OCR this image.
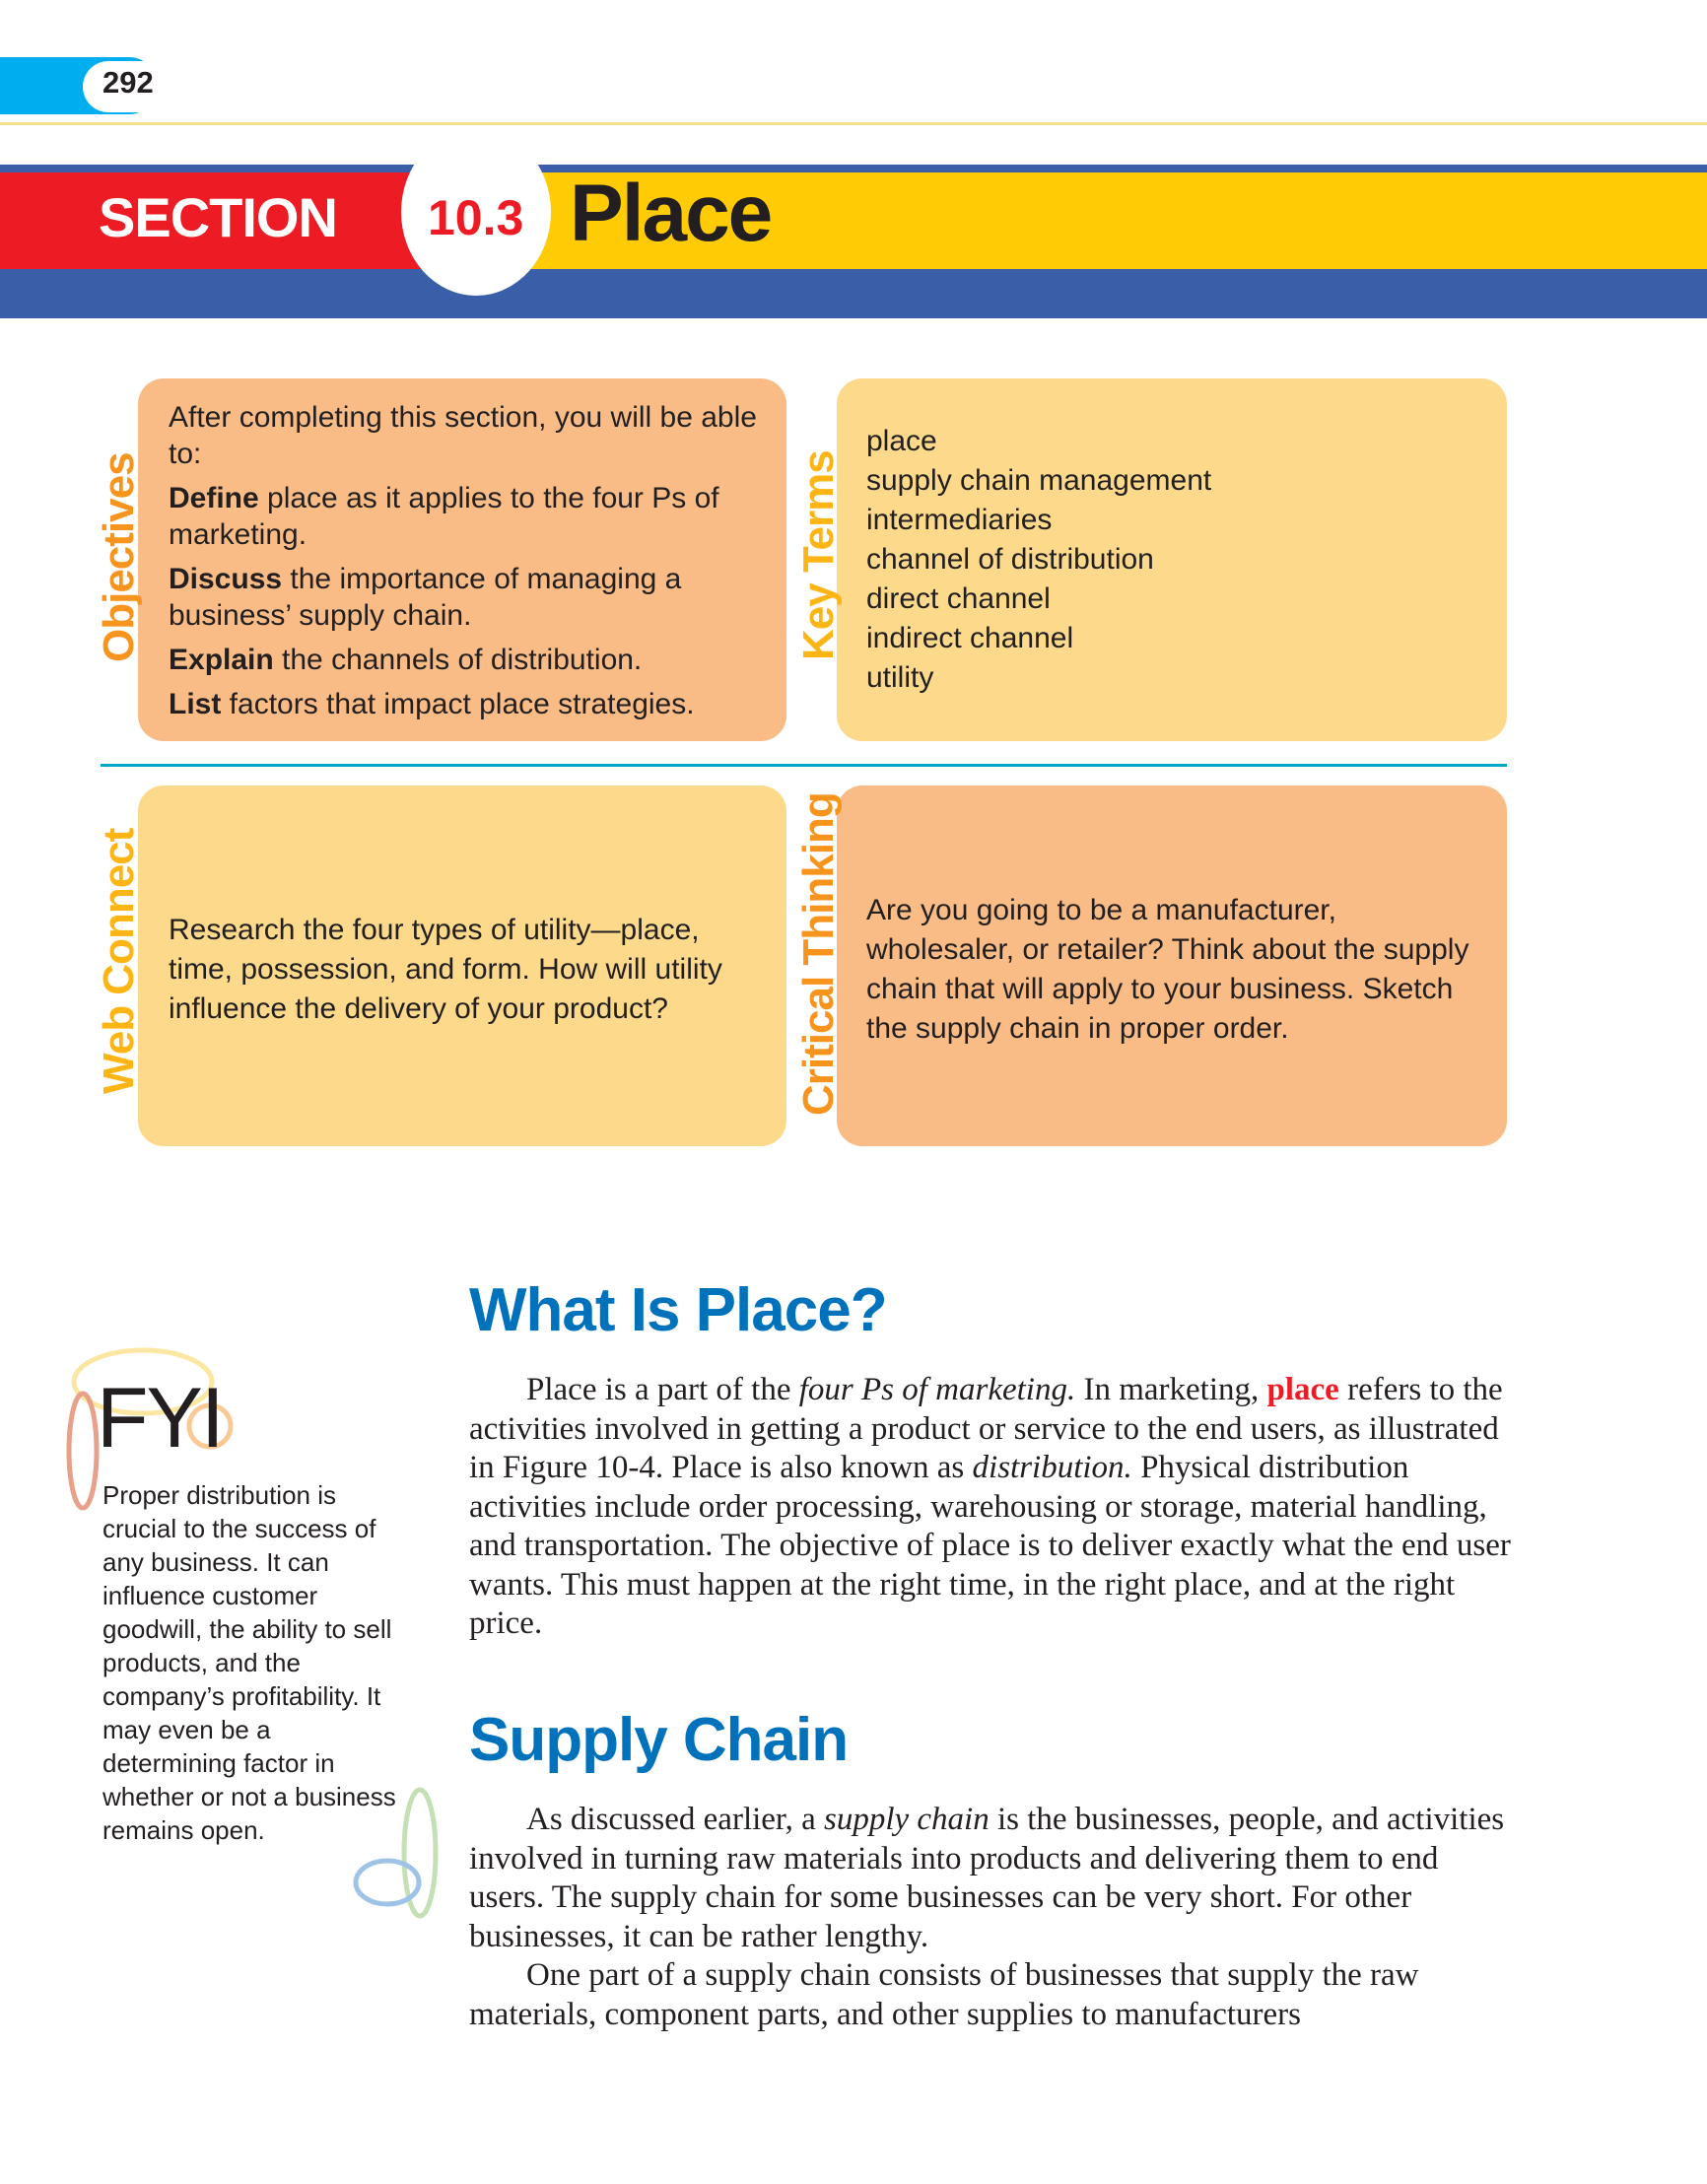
292
SECTION 10.3 Place
Objectives

After completing this section, you will be able to:

Define place as it applies to the four Ps of marketing.

Discuss the importance of managing a business’ supply chain.

Explain the channels of distribution.

List factors that impact place strategies.

Key Terms
place
supply chain management
intermediaries
channel of distribution
direct channel
indirect channel
utility
Web Connect Research the four types of utility—place, time, possession, and form. How will utility influence the delivery of your product?	Critical Thinking Are you going to be a manufacturer, wholesaler, or retailer? Think about the supply chain that will apply to your business. Sketch the supply chain in proper order.
FYI
Proper distribution is crucial to the success of any business. It can influence customer goodwill, the ability to sell products, and the company’s profitability. It may even be a determining factor in whether or not a business remains open.
What Is Place?

Place is a part of the four Ps of marketing. In marketing, place refers to the activities involved in getting a product or service to the end users, as illustrated in Figure 10-4. Place is also known as distribution. Physical distribution activities include order processing, warehousing or storage, material handling, and transportation. The objective of place is to deliver exactly what the end user wants. This must happen at the right time, in the right place, and at the right price.

Supply Chain

As discussed earlier, a supply chain is the businesses, people, and activities involved in turning raw materials into products and delivering them to end users. The supply chain for some businesses can be very short. For other businesses, it can be rather lengthy.

One part of a supply chain consists of businesses that supply the raw materials, component parts, and other supplies to manufacturers
